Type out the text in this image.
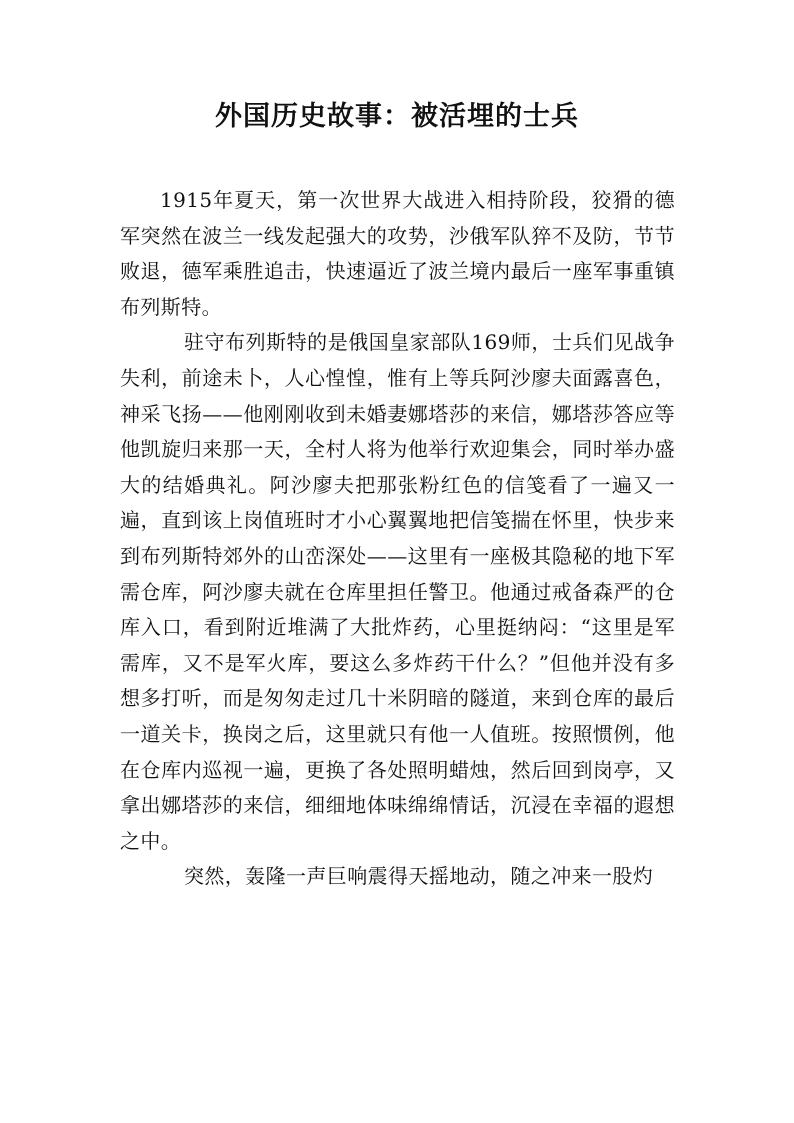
外国历史故事：被活埋的士兵

1915年夏天，第一次世界大战进入相持阶段，狡猾的德军突然在波兰一线发起强大的攻势，沙俄军队猝不及防，节节败退，德军乘胜追击，快速逼近了波兰境内最后一座军事重镇布列斯特。

驻守布列斯特的是俄国皇家部队169师，士兵们见战争失利，前途未卜，人心惶惶，惟有上等兵阿沙廖夫面露喜色，神采飞扬——他刚刚收到未婚妻娜塔莎的来信，娜塔莎答应等他凯旋归来那一天，全村人将为他举行欢迎集会，同时举办盛大的结婚典礼。阿沙廖夫把那张粉红色的信笺看了一遍又一遍，直到该上岗值班时才小心翼翼地把信笺揣在怀里，快步来到布列斯特郊外的山峦深处——这里有一座极其隐秘的地下军需仓库，阿沙廖夫就在仓库里担任警卫。他通过戒备森严的仓库入口，看到附近堆满了大批炸药，心里挺纳闷：“这里是军需库，又不是军火库，要这么多炸药干什么？”但他并没有多想多打听，而是匆匆走过几十米阴暗的隧道，来到仓库的最后一道关卡，换岗之后，这里就只有他一人值班。按照惯例，他在仓库内巡视一遍，更换了各处照明蜡烛，然后回到岗亭，又拿出娜塔莎的来信，细细地体味绵绵情话，沉浸在幸福的遐想之中。

突然，轰隆一声巨响震得天摇地动，随之冲来一股灼
